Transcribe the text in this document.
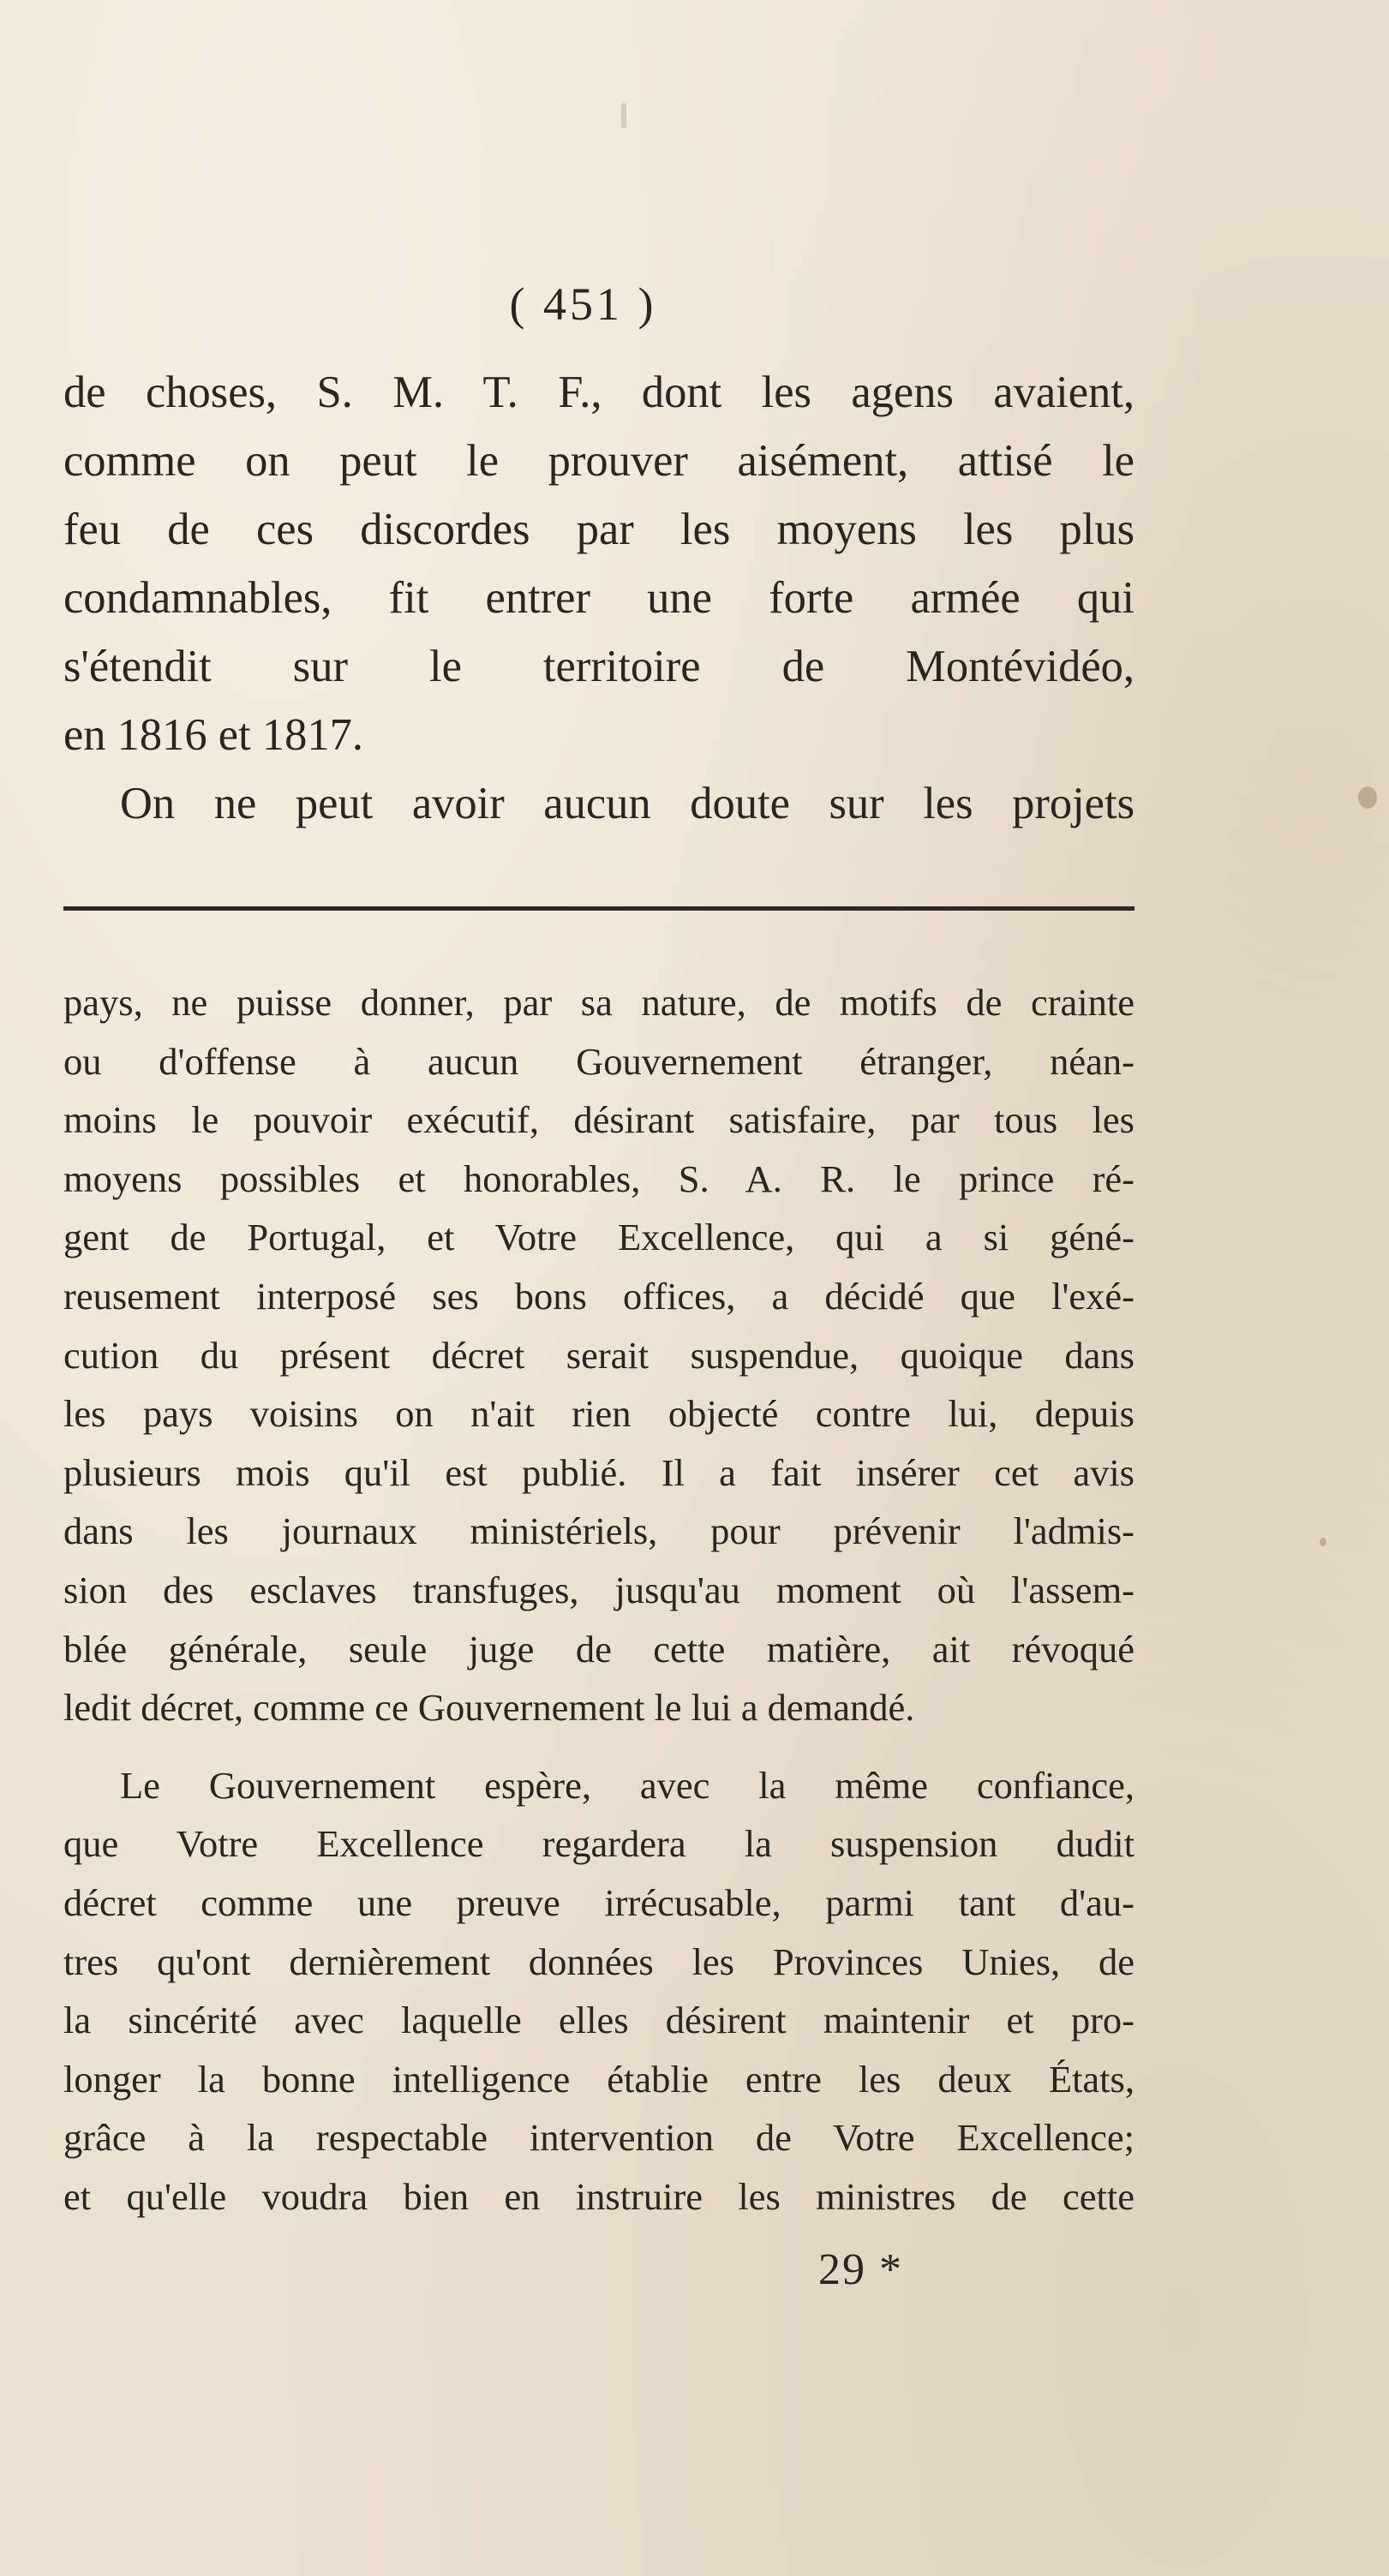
( 451 )
de choses, S. M. T. F., dont les agens avaient,
comme on peut le prouver aisément, attisé le
feu de ces discordes par les moyens les plus
condamnables, fit entrer une forte armée qui
s'étendit sur le territoire de Montévidéo,
en 1816 et 1817.
On ne peut avoir aucun doute sur les projets
pays, ne puisse donner, par sa nature, de motifs de crainte
ou d'offense à aucun Gouvernement étranger, néan-
moins le pouvoir exécutif, désirant satisfaire, par tous les
moyens possibles et honorables, S. A. R. le prince ré-
gent de Portugal, et Votre Excellence, qui a si géné-
reusement interposé ses bons offices, a décidé que l'exé-
cution du présent décret serait suspendue, quoique dans
les pays voisins on n'ait rien objecté contre lui, depuis
plusieurs mois qu'il est publié. Il a fait insérer cet avis
dans les journaux ministériels, pour prévenir l'admis-
sion des esclaves transfuges, jusqu'au moment où l'assem-
blée générale, seule juge de cette matière, ait révoqué
ledit décret, comme ce Gouvernement le lui a demandé.
Le Gouvernement espère, avec la même confiance,
que Votre Excellence regardera la suspension dudit
décret comme une preuve irrécusable, parmi tant d'au-
tres qu'ont dernièrement données les Provinces Unies, de
la sincérité avec laquelle elles désirent maintenir et pro-
longer la bonne intelligence établie entre les deux États,
grâce à la respectable intervention de Votre Excellence;
et qu'elle voudra bien en instruire les ministres de cette
29 *
